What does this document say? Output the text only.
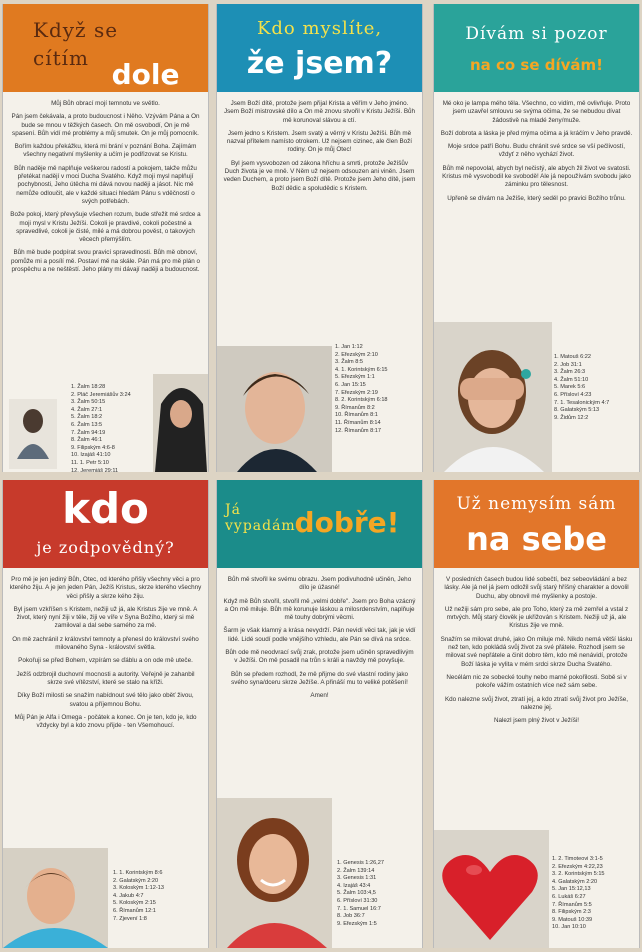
Když se cítím dole

Můj Bůh obrací mojí temnotu ve světlo.

Pán jsem čekávala, a proto budoucnost i Něho. Vzývám Pána a On bude se mnou v těžkých časech. On mě osvobodí, On je mě spasení. Bůh vidí mé problémy a můj smutek. On je můj pomocník.

Bořím každou překážku, která mi brání v poznání Boha. Zajímám všechny negativní myšlenky a učím je podřizovat se Kristu.

Bůh naděje mě naplňuje veškerou radostí a pokojem, takže můžu přetékat nadějí v moci Ducha Svatého. Když moji mysl naplňují pochybnosti, Jeho útěcha mi dává novou naději a jásot. Nic mě nemůže odloučit, ale v každé situaci hledám Pánu s vděčností o svých potřebách.

Bože pokoj, který převyšuje všechen rozum, bude střežit mé srdce a moji mysl v Kristu Ježíši. Cokoli je pravdivé, cokoli počestné a spravedlivé, cokoli je čisté, milé a má dobrou pověst, o takových věcech přemýšlím.

Bůh mě bude podpírat svou pravicí spravedlnosti. Bůh mě obnoví, pomůže mi a posílí mě. Postaví mě na skále. Pán má pro mě plán o prospěchu a ne neštěstí. Jeho plány mi dávají naději a budoucnost.

1. Žalm 18:28
2. Pláč Jeremiášův 3:24
3. Žalm 50:15
4. Žalm 27:1
5. Žalm 18:2
6. Žalm 13:5
7. Žalm 94:19
8. Žalm 46:1
9. Filipským 4:6-8
10. Izajáš 41:10
11. 1. Petr 5:10
12. Jeremiáš 29:11
Kdo myslíte,
že jsem?

Jsem Boží dítě, protože jsem přijal Krista a věřím v Jeho jméno. Jsem Boží mistrovské dílo a On mě znovu stvořil v Kristu Ježíši. Bůh mě korunoval slávou a ctí.

Jsem jedno s Kristem. Jsem svatý a věrný v Kristu Ježíši. Bůh mě nazval přítelem namísto otrokem. Už nejsem cizinec, ale člen Boží rodiny. On je můj Otec!

Byl jsem vysvobozen od zákona hříchu a smrti, protože Ježíšův Duch života je ve mně. V Něm už nejsem odsouzen ani viněn. Jsem veden Duchem, a proto jsem Boží dítě. Protože jsem Jeho dítě, jsem Boží dědic a spoludědic s Kristem.

1. Jan 1:12
2. Efezským 2:10
3. Žalm 8:5
4. 1. Korintským 6:15
5. Efezským 1:1
6. Jan 15:15
7. Efezským 2:19
8. 2. Korintským 6:18
9. Římanům 8:2
10. Římanům 8:1
11. Římanům 8:14
12. Římanům 8:17
Dívám si pozor
na co se dívám!

Mé oko je lampa mého těla. Všechno, co vidím, mě ovlivňuje. Proto jsem uzavřel smlouvu se svýma očima, že se nebudou dívat žádostivě na mladé ženy/muže.

Boží dobrota a láska je před mýma očima a já kráčím v Jeho pravdě.

Moje srdce patří Bohu. Budu chránit své srdce se vší pečlivostí, vždyť z něho vychází život.

Bůh mě nepovolal, abych byl nečistý, ale abych žil život ve svatosti. Kristus mě vysvobodil ke svobodě! Ale já nepoužívám svobodu jako záminku pro tělesnost.

Upřeně se dívám na Ježíše, který seděl po pravici Božího trůnu.

1. Matouš 6:22
2. Job 31:1
3. Žalm 26:3
4. Žalm 51:10
5. Marek 5:6
6. Přísloví 4:23
7. 1. Tesalonickým 4:7
8. Galatským 5:13
9. Židům 12:2
kdo
je zodpovědný?

Pro mě je jen jediný Bůh, Otec, od kterého přišly všechny věci a pro kterého žiju. A je jen jeden Pán, Ježíš Kristus, skrze kterého všechny věci přišly a skrze kého žiju.

Byl jsem vzkříšen s Kristem, nežiji už já, ale Kristus žije ve mně. A život, který nyní žiji v těle, žiji ve víře v Syna Božího, který si mě zamiloval a dal sebe samého za mě.

On mě zachránil z království temnoty a přenesl do království svého milovaného Syna - království světla.

Pokořuji se před Bohem, vzpírám se ďáblu a on ode mě uteče.

Ježíš odzbrojil duchovní mocnosti a autority. Veřejně je zahanbil skrze své vítězství, které se stalo na kříži.

Díky Boží milosti se snažím nabídnout své tělo jako oběť živou, svatou a příjemnou Bohu.

Můj Pán je Alfa i Omega - počátek a konec. On je ten, kdo je, kdo vždycky byl a kdo znovu přijde - ten Všemohoucí.

1. 1. Korintským 8:6
2. Galatským 2:20
3. Koloským 1:12-13
4. Jakub 4:7
5. Koloským 2:15
6. Římanům 12:1
7. Zjevení 1:8
Já vypadám
dobře!

Bůh mě stvořil ke svému obrazu. Jsem podivuhodně učiněn, Jeho dílo je úžasné!

Když mě Bůh stvořil, stvořil mě „velmi dobře". Jsem pro Boha vzácný a On mě miluje. Bůh mě korunuje láskou a milosrdenstvím, naplňuje mě touhy dobrými věcmi.

Šarm je však klamný a krása nevydrží. Pán nevidí věci tak, jak je vidí lidé. Lidé soudí podle vnějšího vzhledu, ale Pán se dívá na srdce.

Bůh ode mě neodvrací svůj zrak, protože jsem učiněn spravedlivým v Ježíši. On mě posadil na trůn s králi a navždy mě povyšuje.

Bůh se předem rozhodl, že mě přijme do své vlastní rodiny jako svého syna/dceru skrze Ježíše. A přináší mu to veliké potěšení!

Amen!

1. Genesis 1:26,27
2. Žalm 139:14
3. Genesis 1:31
4. Izajáš 43:4
5. Žalm 103:4,5
6. Přísloví 31:30
7. 1. Samuel 16:7
8. Job 36:7
9. Efezským 1:5
Už nemysím sám
na sebe

V posledních časech budou lidé sobečtí, bez sebeovládání a bez lásky. Ale já nel já jsem odložil svůj starý hříšný charakter a dovolil Duchu, aby obnovil mé myšlenky a postoje.

Už nežiji sám pro sebe, ale pro Toho, který za mě zemřel a vstal z mrtvých. Můj starý člověk je ukřižován s Kristem. Nežiji už já, ale Kristus žije ve mně.

Snažím se milovat druhé, jako On miluje mě. Nikdo nemá větší lásku než ten, kdo pokládá svůj život za své přátele. Rozhodl jsem se milovat své nepřátele a činit dobro těm, kdo mě nenávidí, protože Boží láska je vylita v mém srdci skrze Ducha Svatého.

Necélám nic ze sobecké touhy nebo marné pokořilosti. Sobě si v pokoře vážím ostatních více než sám sebe.

Kdo nalezne svůj život, ztratí jej, a kdo ztratí svůj život pro Ježíše, nalezne jej.

Nalezl jsem plný život v Ježíši!

1. 2. Timoteovi 3:1-5
2. Efezským 4:22,23
3. 2. Korintským 5:15
4. Galatským 2:20
5. Jan 15:12,13
6. Lukáš 6:27
7. Římanům 5:5
8. Filipským 2:3
9. Matouš 10:39
10. Jan 10:10
